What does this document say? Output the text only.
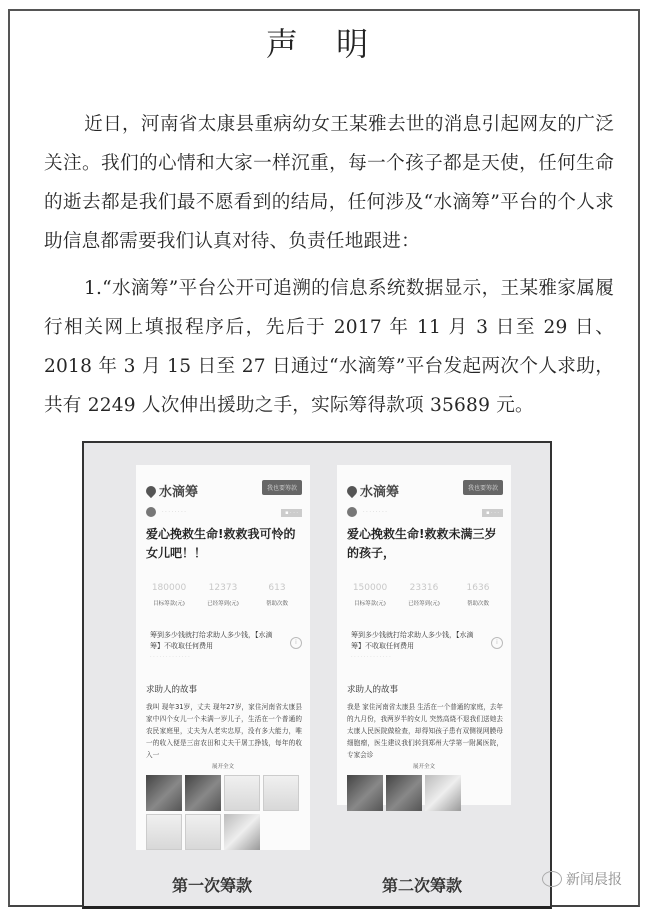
声 明
近日，河南省太康县重病幼女王某雅去世的消息引起网友的广泛关注。我们的心情和大家一样沉重，每一个孩子都是天使，任何生命的逝去都是我们最不愿看到的结局，任何涉及“水滴筹”平台的个人求助信息都需要我们认真对待、负责任地跟进：
1.“水滴筹”平台公开可追溯的信息系统数据显示，王某雅家属履行相关网上填报程序后，先后于 2017 年 11 月 3 日至 29 日、2018 年 3 月 15 日至 27 日通过“水滴筹”平台发起两次个人求助，共有 2249 人次伸出援助之手，实际筹得款项 35689 元。
水滴筹	我也要筹款
· · · · · · · ·	▪ · · ·
爱心挽救生命!救救我可怜的女儿吧！！
180000
目标筹款(元)
12373
已经筹到(元)
613
帮助次数
筹到多少钱就打给求助人多少钱，【水滴筹】不收取任何费用
· · · · · · · · · · · · ·
i
求助人的故事
我叫 现年31岁，丈夫 现年27岁，家住河南省太康县 家中四个女儿一个未满一岁儿子，生活在一个普通的农民家庭里，丈夫为人老实忠厚，没有多大能力，唯一的收入便是三亩农田和丈夫干屠工挣钱，每年的收入一
展开全文
水滴筹	我也要筹款
· · · · · · · ·	▪ · · ·
爱心挽救生命!救救未满三岁的孩子，
150000
目标筹款(元)
23316
已经筹到(元)
1636
帮助次数
筹到多少钱就打给求助人多少钱，【水滴筹】不收取任何费用
· · · · · · · · · · · · ·
i
求助人的故事
我是 家住河南省太康县 生活在一个普通的家庭，去年的九月份，我两岁半的女儿 突然高烧不退我们送她去太康人民医院做检查，却得知孩子患有双侧视网膜母细胞瘤，医生建议我们转到郑州大学第一附属医院，专家会诊
展开全文
第一次筹款	第二次筹款	新闻晨报
